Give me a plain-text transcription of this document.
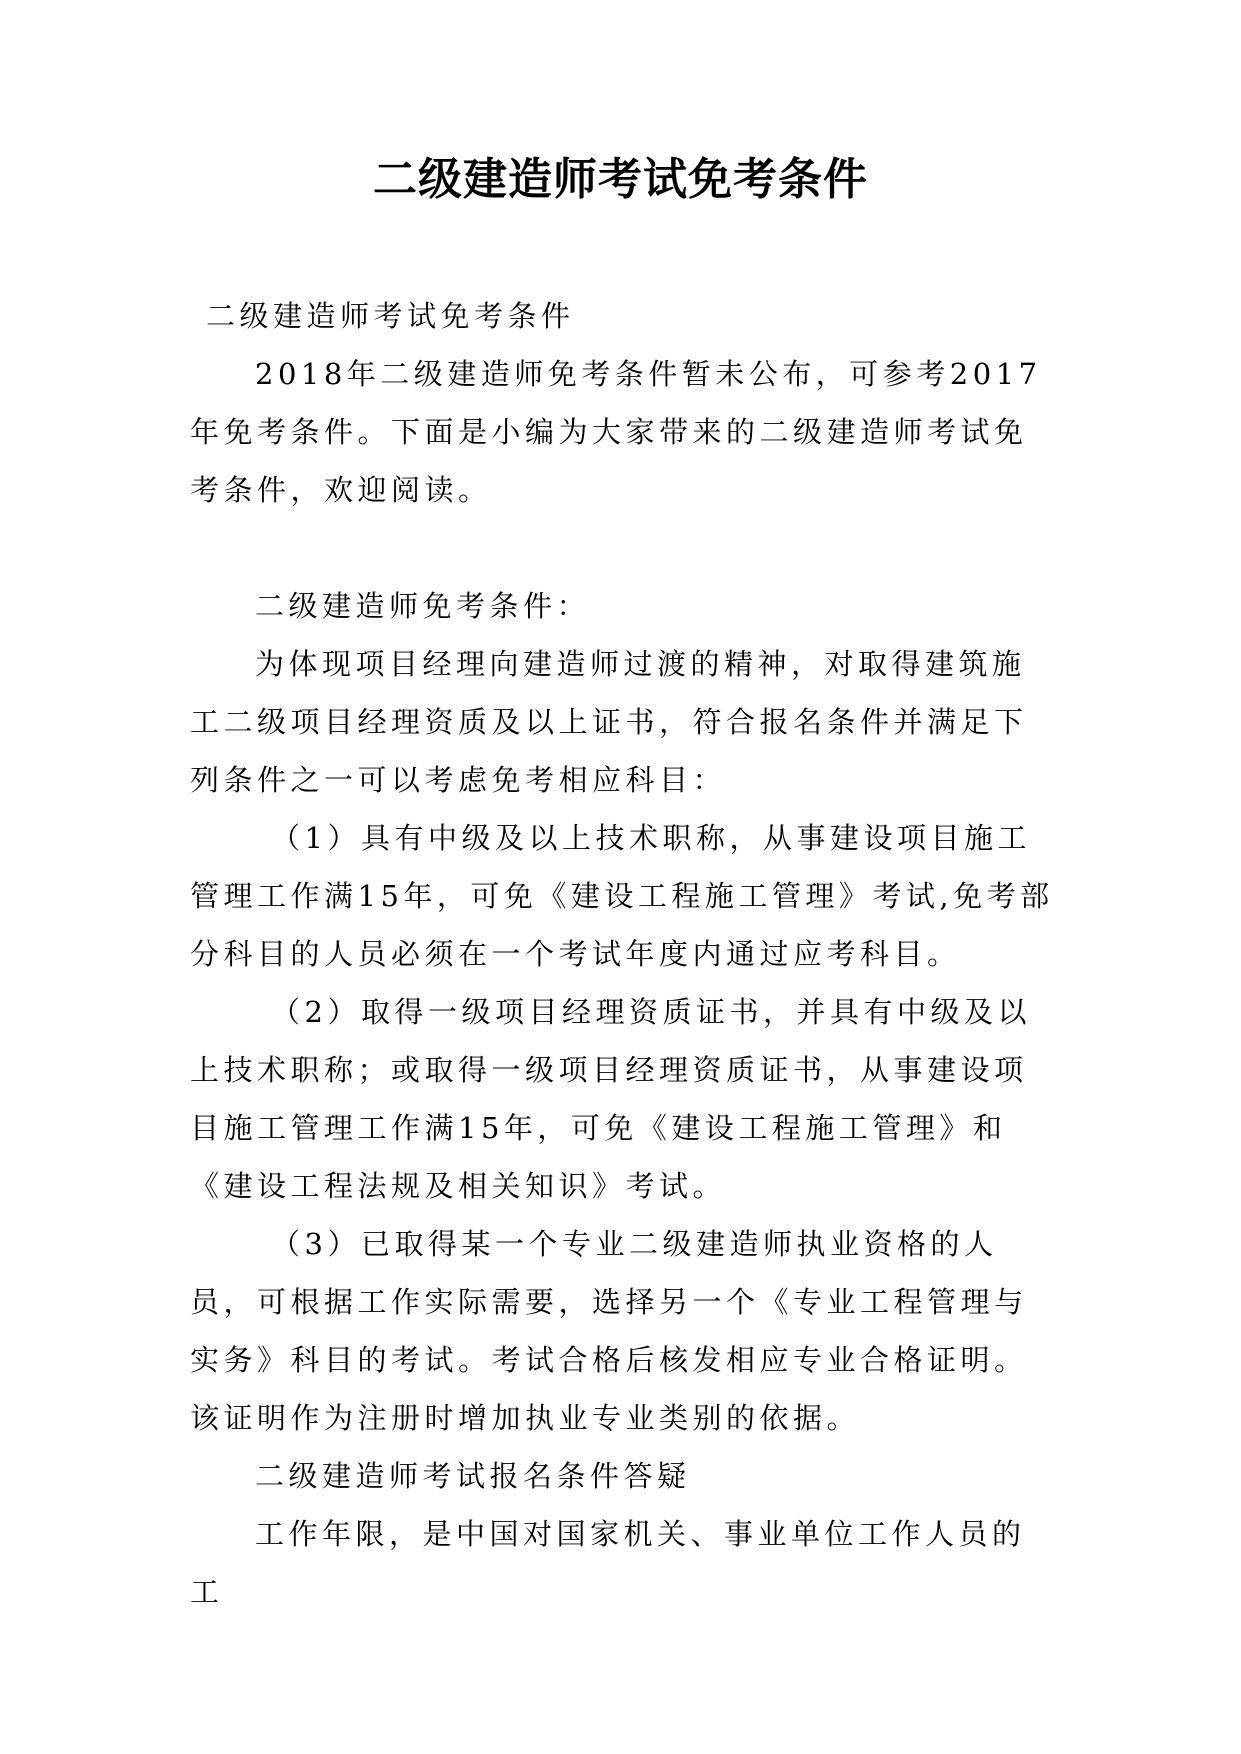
二级建造师考试免考条件

二级建造师考试免考条件

2018年二级建造师免考条件暂未公布，可参考2017年免考条件。下面是小编为大家带来的二级建造师考试免考条件，欢迎阅读。

二级建造师免考条件：

为体现项目经理向建造师过渡的精神，对取得建筑施工二级项目经理资质及以上证书，符合报名条件并满足下列条件之一可以考虑免考相应科目：

（1）具有中级及以上技术职称，从事建设项目施工管理工作满15年，可免《建设工程施工管理》考试,免考部分科目的人员必须在一个考试年度内通过应考科目。

（2）取得一级项目经理资质证书，并具有中级及以上技术职称；或取得一级项目经理资质证书，从事建设项目施工管理工作满15年，可免《建设工程施工管理》和《建设工程法规及相关知识》考试。

（3）已取得某一个专业二级建造师执业资格的人员，可根据工作实际需要，选择另一个《专业工程管理与实务》科目的考试。考试合格后核发相应专业合格证明。该证明作为注册时增加执业专业类别的依据。

二级建造师考试报名条件答疑

工作年限，是中国对国家机关、事业单位工作人员的工
